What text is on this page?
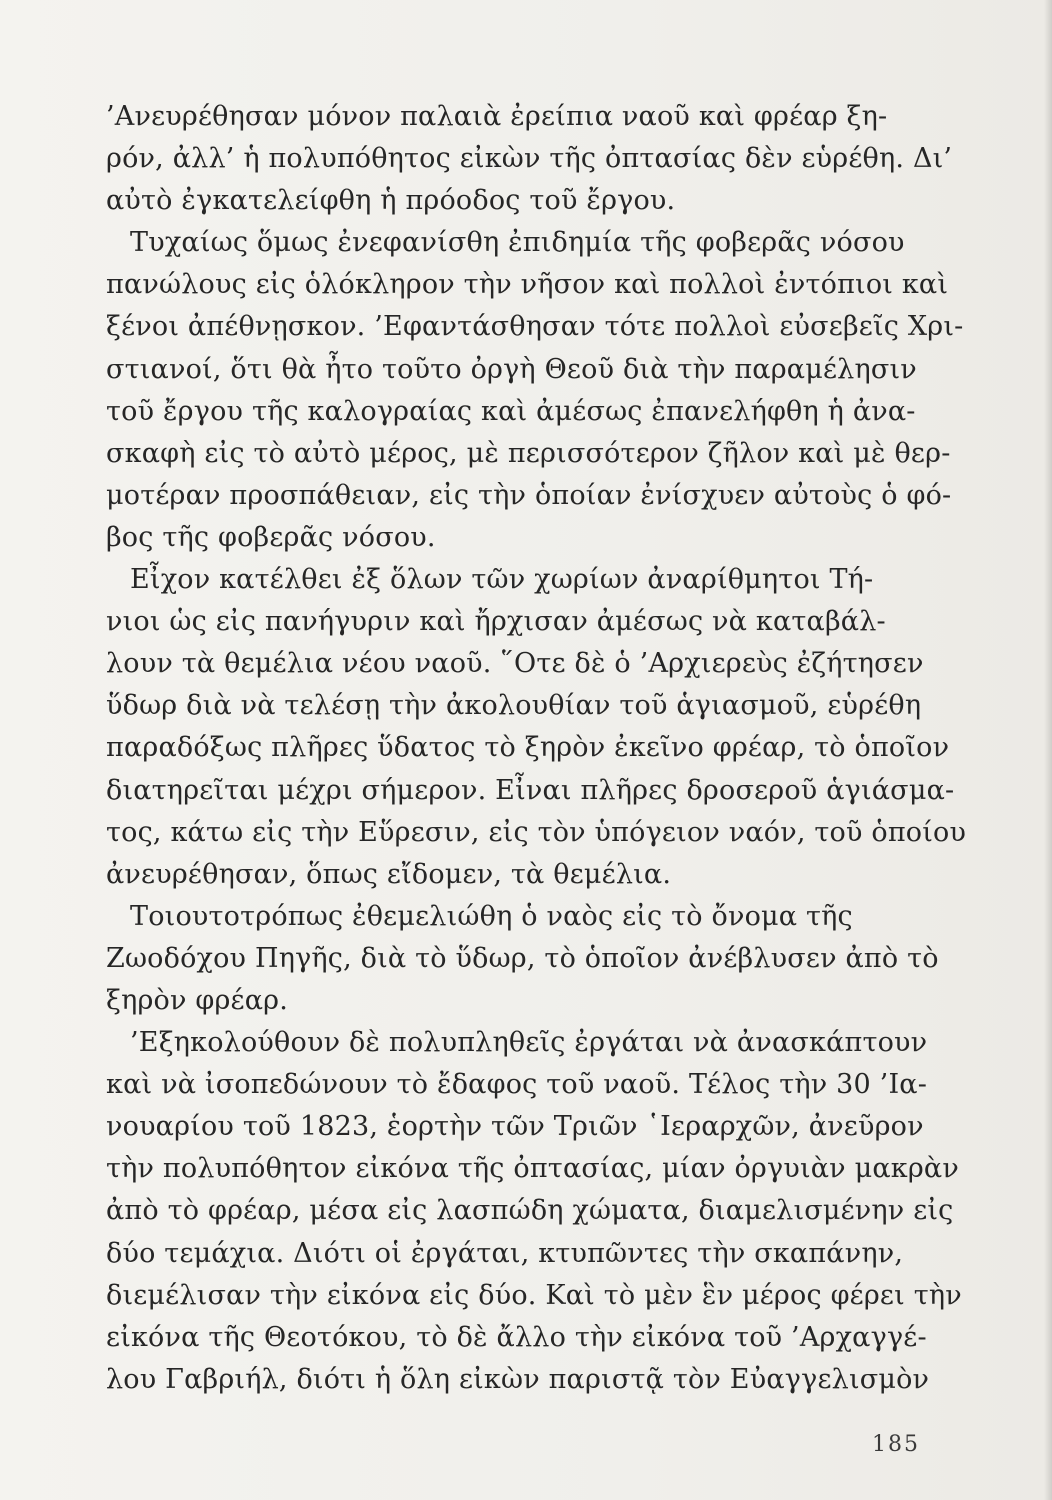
’Ανευρέθησαν μόνον παλαιὰ ἐρείπια ναοῦ καὶ φρέαρ ξη-
ρόν, ἀλλ’ ἡ πολυπόθητος εἰκὼν τῆς ὀπτασίας δὲν εὑρέθη. Δι’
αὐτὸ ἐγκατελείφθη ἡ πρόοδος τοῦ ἔργου.
Τυχαίως ὅμως ἐνεφανίσθη ἐπιδημία τῆς φοβερᾶς νόσου
πανώλους εἰς ὁλόκληρον τὴν νῆσον καὶ πολλοὶ ἐντόπιοι καὶ
ξένοι ἀπέθνῃσκον. ’Εφαντάσθησαν τότε πολλοὶ εὐσεβεῖς Χρι-
στιανοί, ὅτι θὰ ἦτο τοῦτο ὀργὴ Θεοῦ διὰ τὴν παραμέλησιν
τοῦ ἔργου τῆς καλογραίας καὶ ἀμέσως ἐπανελήφθη ἡ ἀνα-
σκαφὴ εἰς τὸ αὐτὸ μέρος, μὲ περισσότερον ζῆλον καὶ μὲ θερ-
μοτέραν προσπάθειαν, εἰς τὴν ὁποίαν ἐνίσχυεν αὐτοὺς ὁ φό-
βος τῆς φοβερᾶς νόσου.
Εἶχον κατέλθει ἐξ ὅλων τῶν χωρίων ἀναρίθμητοι Τή-
νιοι ὡς εἰς πανήγυριν καὶ ἤρχισαν ἀμέσως νὰ καταβάλ-
λουν τὰ θεμέλια νέου ναοῦ. ῞Οτε δὲ ὁ ’Αρχιερεὺς ἐζήτησεν
ὕδωρ διὰ νὰ τελέσῃ τὴν ἀκολουθίαν τοῦ ἁγιασμοῦ, εὑρέθη
παραδόξως πλῆρες ὕδατος τὸ ξηρὸν ἐκεῖνο φρέαρ, τὸ ὁποῖον
διατηρεῖται μέχρι σήμερον. Εἶναι πλῆρες δροσεροῦ ἁγιάσμα-
τος, κάτω εἰς τὴν Εὕρεσιν, εἰς τὸν ὑπόγειον ναόν, τοῦ ὁποίου
ἀνευρέθησαν, ὅπως εἴδομεν, τὰ θεμέλια.
Τοιουτοτρόπως ἐθεμελιώθη ὁ ναὸς εἰς τὸ ὄνομα τῆς
Ζωοδόχου Πηγῆς, διὰ τὸ ὕδωρ, τὸ ὁποῖον ἀνέβλυσεν ἀπὸ τὸ
ξηρὸν φρέαρ.
’Εξηκολούθουν δὲ πολυπληθεῖς ἐργάται νὰ ἀνασκάπτουν
καὶ νὰ ἰσοπεδώνουν τὸ ἔδαφος τοῦ ναοῦ. Τέλος τὴν 30 ’Ια-
νουαρίου τοῦ 1823, ἑορτὴν τῶν Τριῶν ῾Ιεραρχῶν, ἀνεῦρον
τὴν πολυπόθητον εἰκόνα τῆς ὀπτασίας, μίαν ὀργυιὰν μακρὰν
ἀπὸ τὸ φρέαρ, μέσα εἰς λασπώδη χώματα, διαμελισμένην εἰς
δύο τεμάχια. Διότι οἱ ἐργάται, κτυπῶντες τὴν σκαπάνην,
διεμέλισαν τὴν εἰκόνα εἰς δύο. Καὶ τὸ μὲν ἓν μέρος φέρει τὴν
εἰκόνα τῆς Θεοτόκου, τὸ δὲ ἄλλο τὴν εἰκόνα τοῦ ’Αρχαγγέ-
λου Γαβριήλ, διότι ἡ ὅλη εἰκὼν παριστᾷ τὸν Εὐαγγελισμὸν
185
